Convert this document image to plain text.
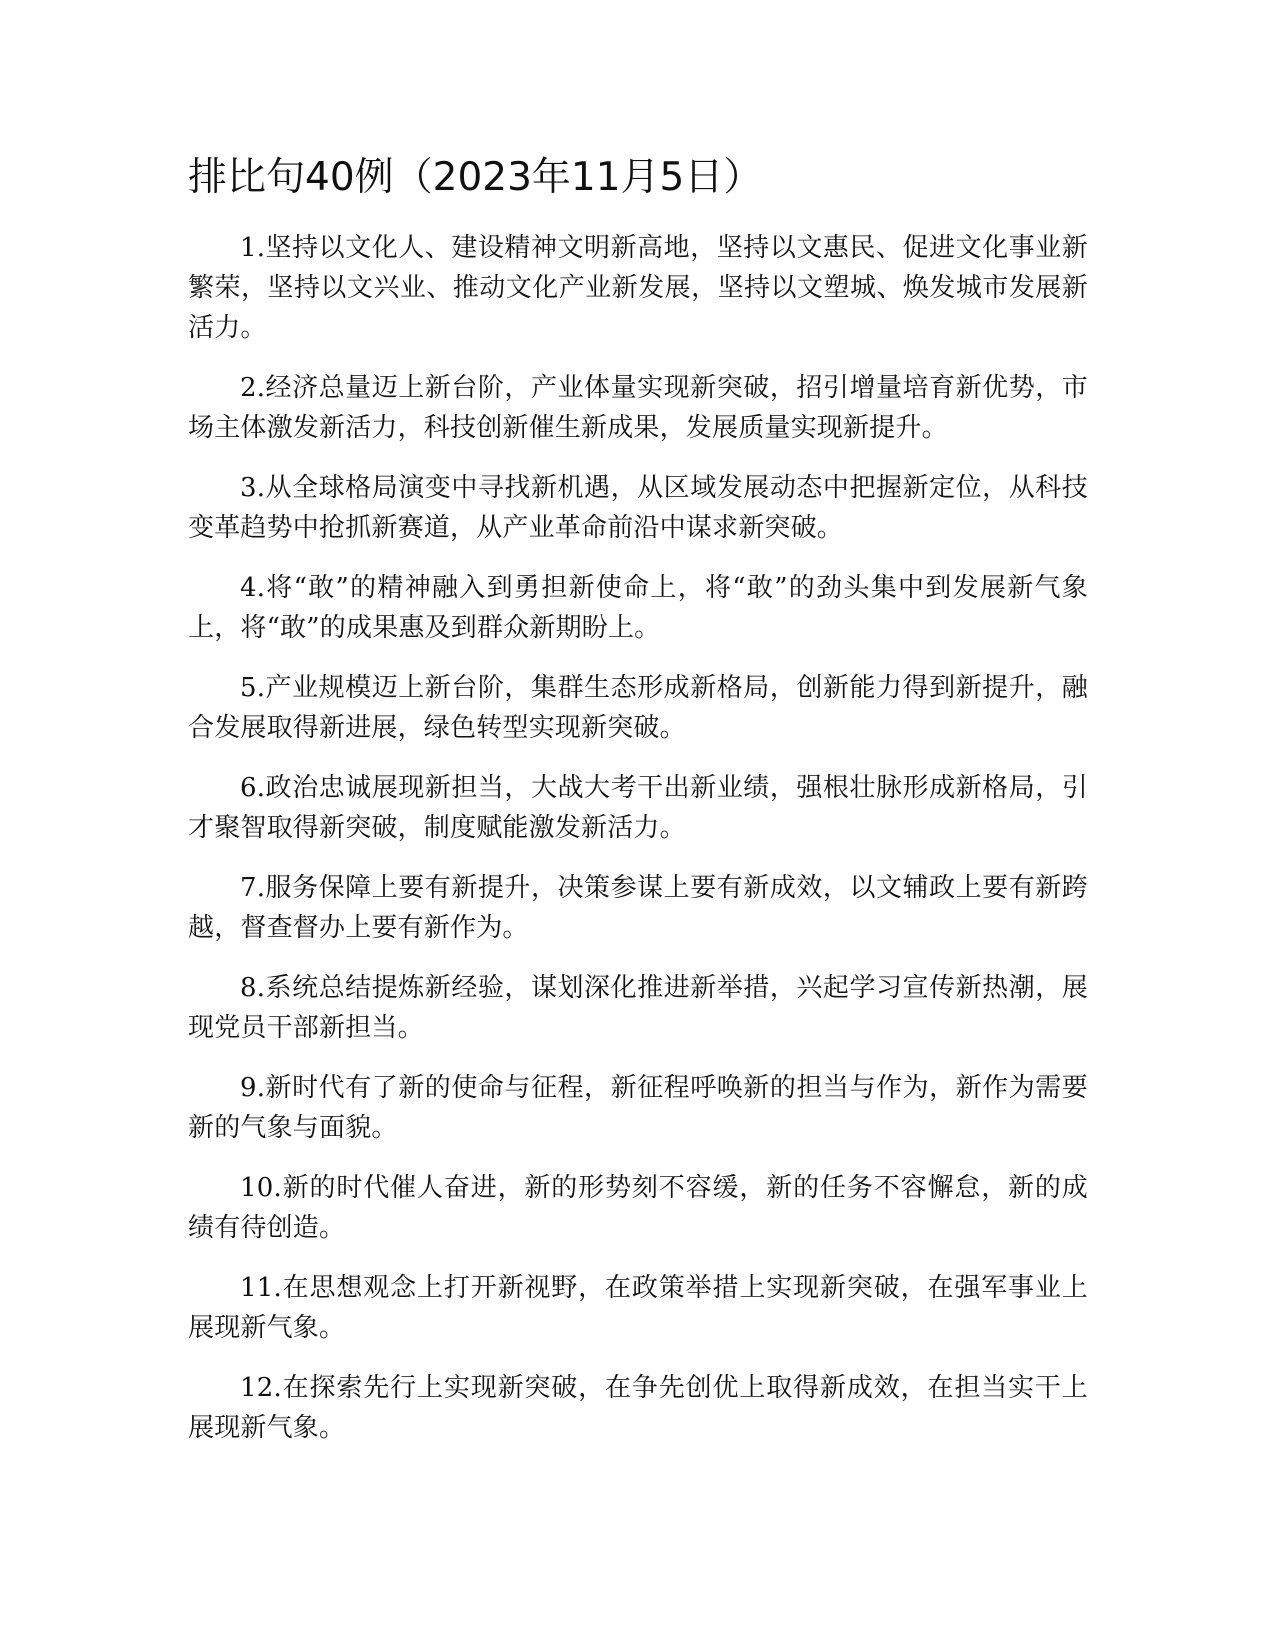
排比句40例（2023年11月5日）

1.坚持以文化人、建设精神文明新高地，坚持以文惠民、促进文化事业新繁荣，坚持以文兴业、推动文化产业新发展，坚持以文塑城、焕发城市发展新活力。

2.经济总量迈上新台阶，产业体量实现新突破，招引增量培育新优势，市场主体激发新活力，科技创新催生新成果，发展质量实现新提升。

3.从全球格局演变中寻找新机遇，从区域发展动态中把握新定位，从科技变革趋势中抢抓新赛道，从产业革命前沿中谋求新突破。

4.将“敢”的精神融入到勇担新使命上，将“敢”的劲头集中到发展新气象上，将“敢”的成果惠及到群众新期盼上。

5.产业规模迈上新台阶，集群生态形成新格局，创新能力得到新提升，融合发展取得新进展，绿色转型实现新突破。

6.政治忠诚展现新担当，大战大考干出新业绩，强根壮脉形成新格局，引才聚智取得新突破，制度赋能激发新活力。

7.服务保障上要有新提升，决策参谋上要有新成效，以文辅政上要有新跨越，督查督办上要有新作为。

8.系统总结提炼新经验，谋划深化推进新举措，兴起学习宣传新热潮，展现党员干部新担当。

9.新时代有了新的使命与征程，新征程呼唤新的担当与作为，新作为需要新的气象与面貌。

10.新的时代催人奋进，新的形势刻不容缓，新的任务不容懈怠，新的成绩有待创造。

11.在思想观念上打开新视野，在政策举措上实现新突破，在强军事业上展现新气象。

12.在探索先行上实现新突破，在争先创优上取得新成效，在担当实干上展现新气象。
